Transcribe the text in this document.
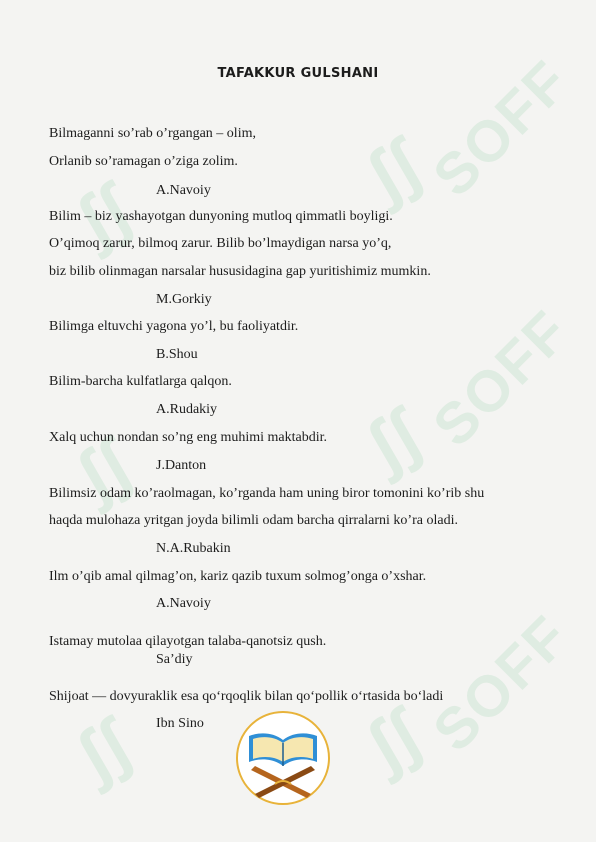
SOFF
SOFF
SOFF
ʃʃ
ʃʃ
ʃʃ
ʃʃ
ʃʃ
ʃʃ
TAFAKKUR GULSHANI
Bilmaganni so’rab o’rgangan – olim,
Orlanib so’ramagan o’ziga zolim.
A.Navoiy
Bilim – biz yashayotgan dunyoning mutloq qimmatli boyligi.
O’qimoq zarur, bilmoq zarur. Bilib bo’lmaydigan narsa yo’q,
biz bilib olinmagan narsalar hususidagina gap yuritishimiz mumkin.
M.Gorkiy
Bilimga eltuvchi yagona yo’l, bu faoliyatdir.
B.Shou
Bilim-barcha kulfatlarga qalqon.
A.Rudakiy
Xalq uchun nondan so’ng eng muhimi maktabdir.
J.Danton
Bilimsiz odam ko’raolmagan, ko’rganda ham uning biror tomonini ko’rib shu
haqda mulohaza yritgan joyda bilimli odam barcha qirralarni ko’ra oladi.
N.A.Rubakin
Ilm o’qib amal qilmag’on, kariz qazib tuxum solmog’onga o’xshar.
A.Navoiy
Istamay mutolaa qilayotgan talaba-qanotsiz qush.
Sa’diy
Shijoat — dovyuraklik esa qo‘rqoqlik bilan qo‘pollik o‘rtasida bo‘ladi
Ibn Sino
